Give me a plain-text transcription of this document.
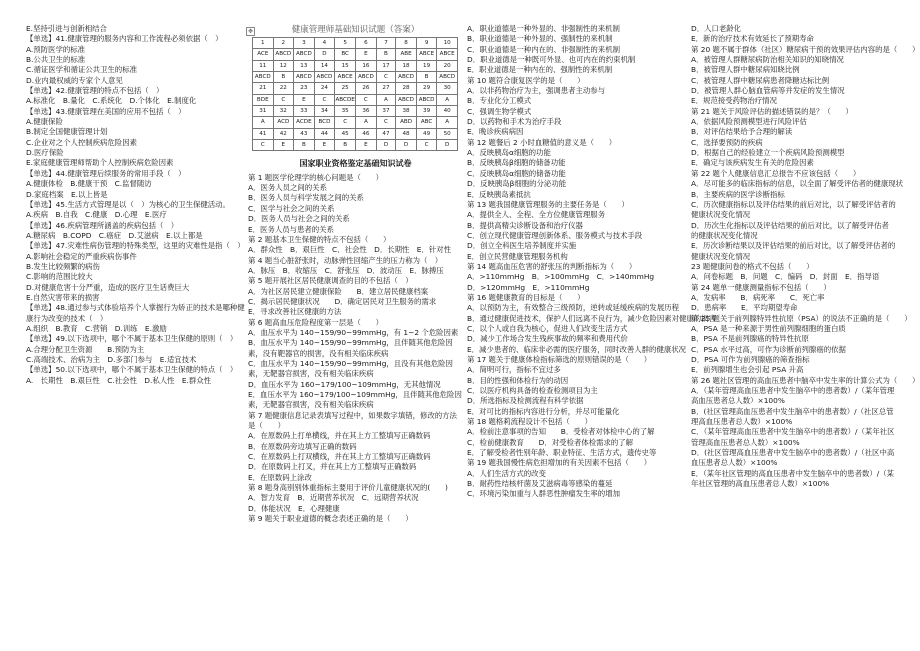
E.坚持引进与创新相结合

【单选】41.健康管理的服务内容和工作流程必须依据（　）

A.预防医学的标准

B.公共卫生的标准

C.循证医学和循证公共卫生的标准

D.业内最权威的专家个人意见

【单选】42.健康管理的特点不包括（　）

A.标准化　B.量化　C.系统化　D.个体化　E.制度化

【单选】43.健康管理在美国的应用不包括（　）

A.健康保险

B.制定全国健康管理计划

C.企业对之个人控制疾病危险因素

D.医疗保险

E.家庭健康管理师帮助个人控制疾病危险因素

【单选】44.健康管理后续服务的常用手段（　）

A.健康体检　B.健康干预　C.监督随访

D.家庭档案　E.以上皆是

【单选】45.生活方式管理是以（　）为核心的卫生保健活动。

A.疾病　B.自我　C.健康　D.心理　E.医疗

【单选】46.疾病管理所涵盖的疾病包括（　）

A.糖尿病　B.COPD　C.癌症　D.艾滋病　E.以上都是

【单选】47.灾难性病伤管理的特殊类型，这里的灾难性是指（　）

A.影响社会稳定的严重疾病伤事件

B.发生比较频繁的病伤

C.影响的范围比较大

D.对健康危害十分严重，造成的医疗卫生话费巨大

E.自然灾害带来的损害

【单选】48.通过参与式体验培养个人掌握行为矫正的技术是哪种健康行为改变的技术（　）

A.组织　B.教育　C.营销　D.训练　E.激励

【单选】49.以下选项中，哪个不属于基本卫生保健的原则（　）

A.合理分配卫生资源　　B.预防为主

C.高端技术、治病为主　D.多部门参与　E.适宜技术

【单选】50.以下选项中，哪个不属于基本卫生保健的特点（　）

A.　长期性　B.艰巨性　C.社会性　D.私人性　E.群众性

✥	健康管理师基础知识试题（答案）
1	2	3	4	5	6	7	8	9	10
ACE	ABCD	ABCD	D	BC	E	B	ABE	ABCE	ABCE
11	12	13	14	15	16	17	18	19	20
ABCD	B	ABCD	ABCD	ABCE	ABCD	C	ABCD	B	ABCD
21	22	23	24	25	26	27	28	29	30
BDE	C	E	C	ABCDE	C	A	ABCD	ABCD	A
31	32	33	34	35	36	37	38	39	40
A	ACD	ACDE	BCD	C	A	C	ABD	ABC	A
41	42	43	44	45	46	47	48	49	50
C	E	B	E	B	E	D	D	C	D
国家职业资格鉴定基础知识试卷

第 1 题医学伦理学的核心问题是（　　）

A．医务人员之间的关系

B．医务人员与科学发展之间的关系

C．医学与社会之间的关系

D．医务人员与社会之间的关系

E．医务人员与患者的关系

第 2 题基本卫生保健的特点不包括（　　）

A．群众性　B．艰巨性　C．社会性　D．长期性　E．针对性

第 4 题当心脏舒张时，动脉弹性回缩产生的压力称为（　）

A．脉压　B．收缩压　C．舒张压　D．波动压　E．脉搏压

第 5 题开展社区居民健康调查的目的不包括（　）

A．为社区居民建立健康保险　　B．建立居民健康档案

C．揭示居民健康状况　　D．确定居民对卫生服务的需求

E．寻求改善社区健康的方法

第 6 题高血压危险程度第一层是（　　）

A．血压水平为 140~159/90~99mmHg，有 1~2 个危险因素

B．血压水平为 140~159/90~99mmHg，且伴随其他危险因素，没有靶器官的损害，没有相关临床疾病

C．血压水平为 140~159/90~99mmHg，且没有其他危险因素，无靶器官损害，没有相关临床疾病

D．血压水平为 160~179/100~109mmHg，无其他情况

E．血压水平为 160~179/100~109mmHg，且伴随其他危险因素，无靶器官损害，没有相关临床疾病

第 7 题健康信息记录表填写过程中，如果数字填错，修改的方法是（　　）

A．在原数码上打单横线，并在其上方工整填写正确数码

B．在原数码旁边填写正确的数码

C．在原数码上打双横线，并在其上方工整填写正确数码

D．在原数码上打叉，并在其上方工整填写正确数码

E．在原数码上涂改

第 8 题身高别别体重指标主要用于评价儿童健康状况的(　　)

A．智力发育　B．近期营养状况　C．远期营养状况

D．体能状况　E．心理健康

第 9 题关于职业道德的概念表述正确的是（　　）

A．职业道德是一种外显的、非强制性的来机制

B．职业道德是一种外显的、强制性的来机制

C．职业道德是一种内在的、非强制性的来机制

D．职业道德是一种既可外显、也可内在的约束机制

E．职业道德是一种内在的、强制性的来机制

第 10 题符合康复医学的是（　　）

A．以非药物治疗为主，强调患者主动参与

B．专业化分工模式

C．强调生物学模式

D．以药物和手术为治疗手段

E．晚诊疾病病因

第 12 题餐后 2 小时血糖值的意义是（　　）

A．反映胰岛α细胞的功能

B．反映胰岛β细胞的储备功能

C．反映胰岛α细胞的储备功能

D．反映胰岛β细胞的分泌功能

E．反映胰岛素抵抗

第 13 题我国健康管理服务的主要任务是（　　）

A．提供全人、全程、全方位健康管理服务

B．提供高精尖诊断设备和治疗仪器

C．创立现代健康管理创新体系、服务模式与技术手段

D．创立全科医生培养制度并实施

E．创立民营健康管理服务机构

第 14 题高血压危害的舒张压的判断指标为（　　）

A．>110mmHg　B．>100mmHg　C．>140mmHg

D．>120mmHg　E．>110mmHg

第 16 题健康教育的目标是（　　）

A．以预防为主，有效整合三级预防，逆转或延缓疾病的发展历程

B．通过健康促进技术，保护人们远离不良行为，减少危险因素对健康的损害

C．以个人或自我为核心，促进人们改变生活方式

D．减少工作场合发生残疾事故的频率和费用代价

E．减少患者的、临床非必需的医疗服务，同时改善人群的健康状况

第 17 题关于健康体检指标筛选的原则错误的是（　　）

A．简明可行，指标不宜过多

B．目的性强和体检行为的动因

C．以医疗机构具备的检查检测项目为主

D．所选指标及检测流程有科学依据

E．对可比的指标内容进行分析，并尽可能量化

第 18 题格莉流程设计不包括（　　）

A．检前注意事项的告知　　B．受检者对体检中心的了解

C．检前健康教育　　D．对受检者体检需求的了解

E．了解受检者性别年龄、职业特征、生活方式，遗传史等

第 19 题我国慢性病危担增加的有关因素不包括（　　）

A．人们生活方式的改变

B．耐药性结核杆菌及艾滋病毒等感染的蔓延

C．环境污染加重与人群恶性肿瘤发生率的增加

D．人口老龄化

E．新的治疗技术有效延长了预期寿命

第 20 题不属于群体（社区）糖尿病干预的效果评估内容的是（　　）

A．被管理人群糖尿病防治相关知识的知晓情况

B．被管理人群中糖尿病知晓比例

C．被管理人群中糖尿病患者降糖达标比例

D．被管理人群心脑血管病等并发症的发生情况

E．规范接受药物治疗情况

第 21 题关于风险评估的描述错误的是？（　　）

A．依据风险预测模型进行风险评估

B．对评估结果给予合理的解读

C．选择要预防的疾病

D．根据自己的经验建立一个疾病风险预测模型

E．确定与该疾病发生有关的危险因素

第 22 题个人健康信息汇总报告不应该包括（　　）

A．尽可能多的临床指标的信息，以全面了解受评估者的健康现状

B．主要疾病的医学诊断指标

C．历次健康指标以及评估结果的前后对比，以了解受评估者的健康状况变化情况

D．历次生化指标以及评估结果的前后对比，以了解受评估者的健康状况变化情况

E．历次诊断结果以及评估结果的前后对比，以了解受评估者的健康状况变化情况

23 题健康问卷的格式不包括（　　）

A．问卷标题　B．问题　C．编码　D．封面　E．指导语

第 24 题单一健康测量指标不包括（　　）

A．发病率　　B．病死率　　C．死亡率

D．患病率　　E．平均期望寿命

第 25 题关于前列腺特异性抗原（PSA）的说法不正确的是（　　）

A．PSA 是一种来源于男性前列腺细胞的蛋白质

B．PSA 不是前列腺癌的特异性抗原

C．PSA 水平过高，可作为诊断前列腺癌的依据

D．PSA 可作为前列腺癌的筛查指标

E．前列腺增生也会引起 PSA 升高

第 26 题社区管理的高血压患者中脑卒中发生率的计算公式为（　　）

A．（某年管理高血压患者中发生脑卒中的患者数）/（某年管理高血压患者总人数）×100%

B．(社区管理高血压患者中发生脑卒中的患者数）/（社区总管理高血压患者总人数）×100%

C．（某年管理高血压患者中发生脑卒中的患者数）/（某年社区管理高血压患者总人数）×100%

D．(社区管理高血压患者中发生脑卒中的患者数）/（社区中高血压患者总人数）×100%

E．（某年社区管理的高血压患者中发生脑卒中的患者数）/（某年社区管理的高血压患者总人数）×100%
